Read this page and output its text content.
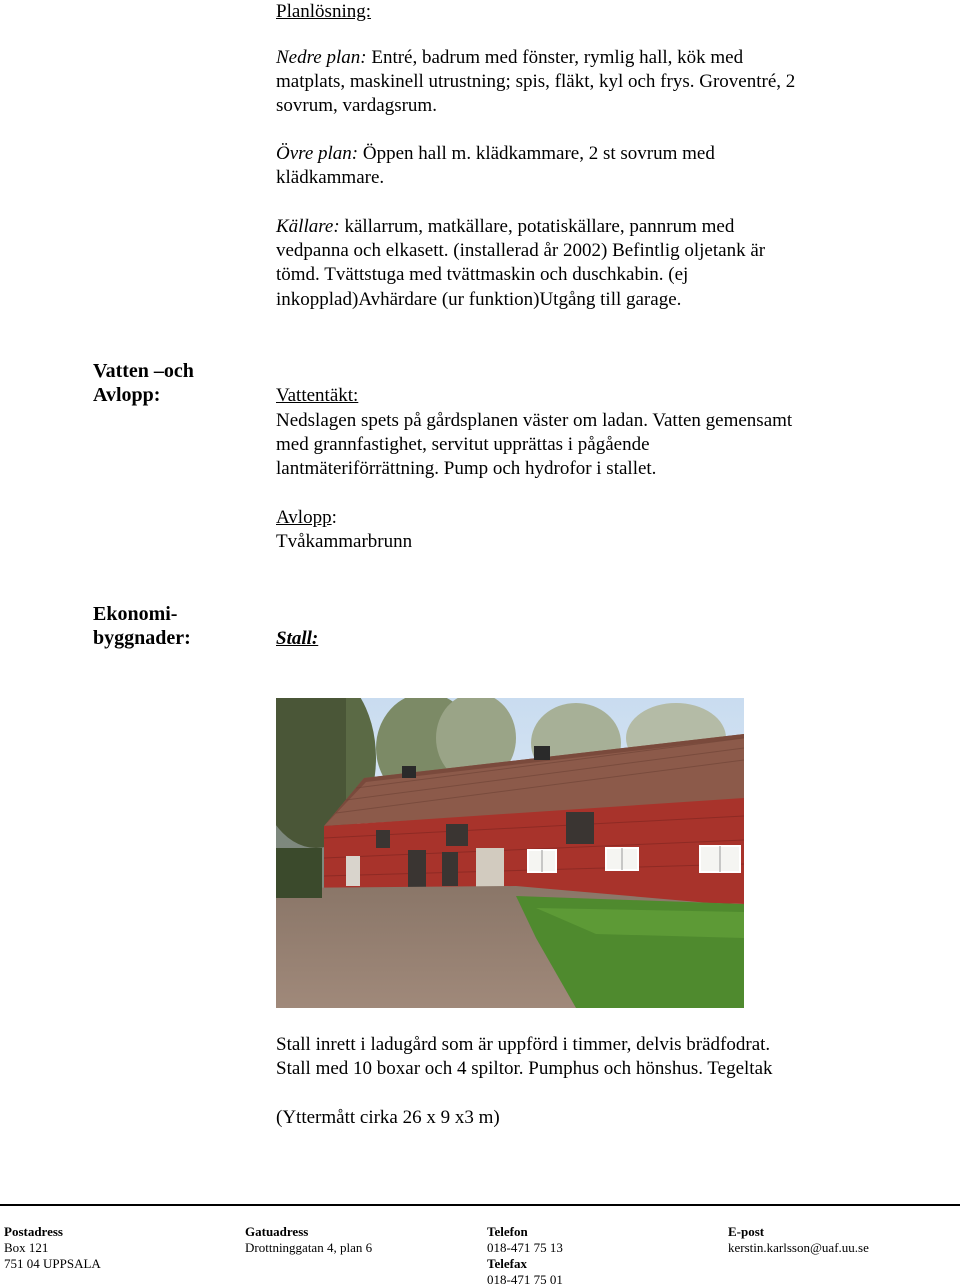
Planlösning:
Nedre plan: Entré, badrum med fönster, rymlig hall, kök med matplats, maskinell utrustning; spis, fläkt, kyl och frys. Groventré, 2 sovrum, vardagsrum.
Övre plan: Öppen hall m. klädkammare, 2 st sovrum med klädkammare.
Källare: källarrum, matkällare, potatiskällare, pannrum med vedpanna och elkasett. (installerad år 2002) Befintlig oljetank är tömd. Tvättstuga med tvättmaskin och duschkabin. (ej inkopplad)Avhärdare (ur funktion)Utgång till garage.
Vatten –och Avlopp:	Vattentäkt:
Nedslagen spets på gårdsplanen väster om ladan. Vatten gemensamt med grannfastighet, servitut upprättas i pågående lantmäteriförrättning. Pump och hydrofor i stallet.
Avlopp:
Tvåkammarbrunn
Ekonomi-byggnader:	Stall:
Stall inrett i ladugård som är uppförd i timmer, delvis brädfodrat. Stall med 10 boxar och 4 spiltor. Pumphus och hönshus. Tegeltak
(Yttermått cirka 26 x 9 x3 m)
Postadress
Box 121
751 04 UPPSALA
Gatuadress
Drottninggatan 4, plan 6
Telefon
018-471 75 13
Telefax
018-471 75 01
E-post
kerstin.karlsson@uaf.uu.se
